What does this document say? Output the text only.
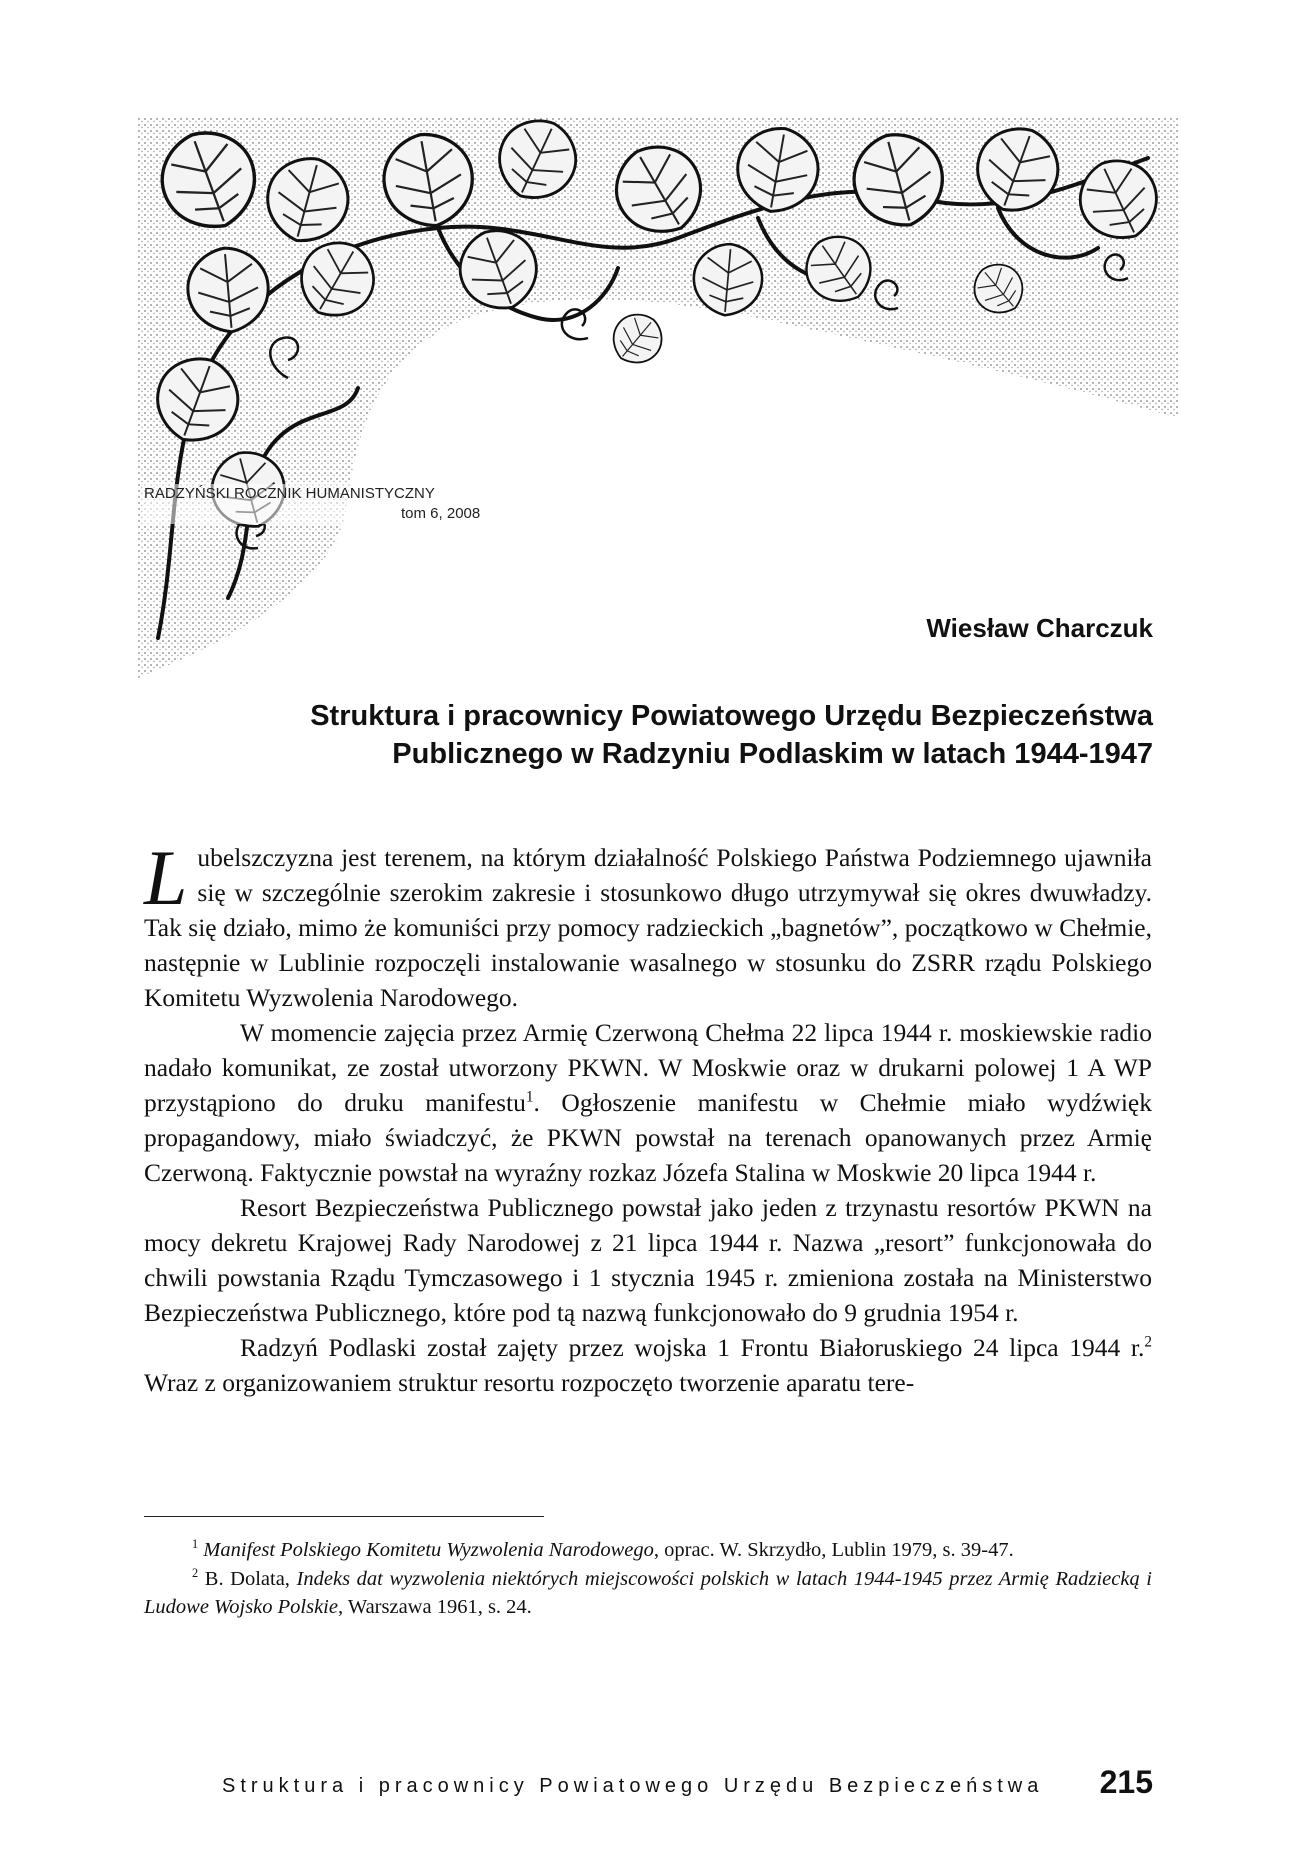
RADZYŃSKI ROCZNIK HUMANISTYCZNY
tom 6, 2008
Wiesław Charczuk
Struktura i pracownicy Powiatowego Urzędu Bezpieczeństwa
Publicznego w Radzyniu Podlaskim w latach 1944-1947

Lubelszczyzna jest terenem, na którym działalność Polskiego Państwa Podziemnego ujawniła się w szczególnie szerokim zakresie i stosunkowo długo utrzymywał się okres dwuwładzy. Tak się działo, mimo że komuniści przy pomocy radzieckich „bagnetów”, początkowo w Chełmie, następnie w Lublinie rozpoczęli instalowanie wasalnego w stosunku do ZSRR rządu Polskiego Komitetu Wyzwolenia Narodowego.

W momencie zajęcia przez Armię Czerwoną Chełma 22 lipca 1944 r. moskiewskie radio nadało komunikat, ze został utworzony PKWN. W Moskwie oraz w drukarni polowej 1 A WP przystąpiono do druku manifestu$^1$. Ogłoszenie manifestu w Chełmie miało wydźwięk propagandowy, miało świadczyć, że PKWN powstał na terenach opanowanych przez Armię Czerwoną. Faktycznie powstał na wyraźny rozkaz Józefa Stalina w Moskwie 20 lipca 1944 r.

Resort Bezpieczeństwa Publicznego powstał jako jeden z trzynastu resortów PKWN na mocy dekretu Krajowej Rady Narodowej z 21 lipca 1944 r. Nazwa „resort” funkcjonowała do chwili powstania Rządu Tymczasowego i 1 stycznia 1945 r. zmieniona została na Ministerstwo Bezpieczeństwa Publicznego, które pod tą nazwą funkcjonowało do 9 grudnia 1954 r.

Radzyń Podlaski został zajęty przez wojska 1 Frontu Białoruskiego 24 lipca 1944 r.$^2$ Wraz z organizowaniem struktur resortu rozpoczęto tworzenie aparatu tere-

$^1$ Manifest Polskiego Komitetu Wyzwolenia Narodowego, oprac. W. Skrzydło, Lublin 1979, s. 39-47.

$^2$ B. Dolata, Indeks dat wyzwolenia niektórych miejscowości polskich w latach 1944-1945 przez Armię Radziecką i Ludowe Wojsko Polskie, Warszawa 1961, s. 24.

Struktura i pracownicy Powiatowego Urzędu Bezpieczeństwa 215
